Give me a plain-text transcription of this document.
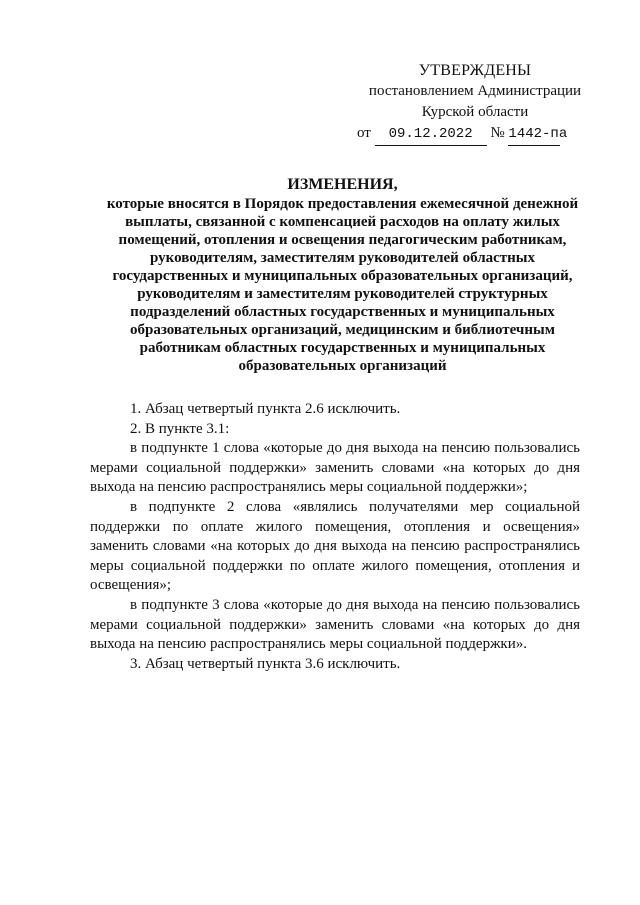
УТВЕРЖДЕНЫ
постановлением Администрации
Курской области
от 09.12.2022 № 1442-па
ИЗМЕНЕНИЯ,
которые вносятся в Порядок предоставления ежемесячной денежной выплаты, связанной с компенсацией расходов на оплату жилых помещений, отопления и освещения педагогическим работникам, руководителям, заместителям руководителей областных государственных и муниципальных образовательных организаций, руководителям и заместителям руководителей структурных подразделений областных государственных и муниципальных образовательных организаций, медицинским и библиотечным работникам областных государственных и муниципальных образовательных организаций

1. Абзац четвертый пункта 2.6 исключить.

2. В пункте 3.1:

в подпункте 1 слова «которые до дня выхода на пенсию пользовались мерами социальной поддержки» заменить словами «на которых до дня выхода на пенсию распространялись меры социальной поддержки»;

в подпункте 2 слова «являлись получателями мер социальной поддержки по оплате жилого помещения, отопления и освещения» заменить словами «на которых до дня выхода на пенсию распространялись меры социальной поддержки по оплате жилого помещения, отопления и освещения»;

в подпункте 3 слова «которые до дня выхода на пенсию пользовались мерами социальной поддержки» заменить словами «на которых до дня выхода на пенсию распространялись меры социальной поддержки».

3. Абзац четвертый пункта 3.6 исключить.
